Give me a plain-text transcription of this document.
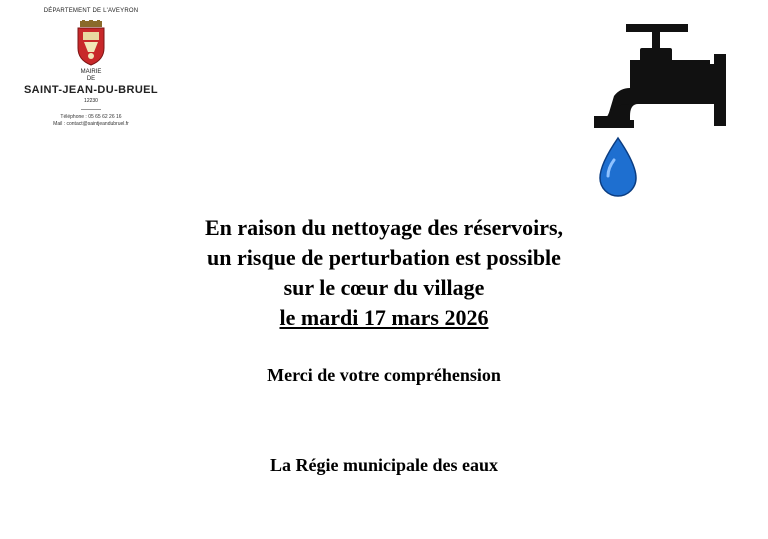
DÉPARTEMENT DE L'AVEYRON
MAIRIE
DE
SAINT-JEAN-DU-BRUEL
12230
Téléphone : 05 65 62 26 16
Mail : contact@saintjeandubruel.fr
En raison du nettoyage des réservoirs,
un risque de perturbation est possible
sur le cœur du village
le mardi 17 mars 2026
Merci de votre compréhension
La Régie municipale des eaux
